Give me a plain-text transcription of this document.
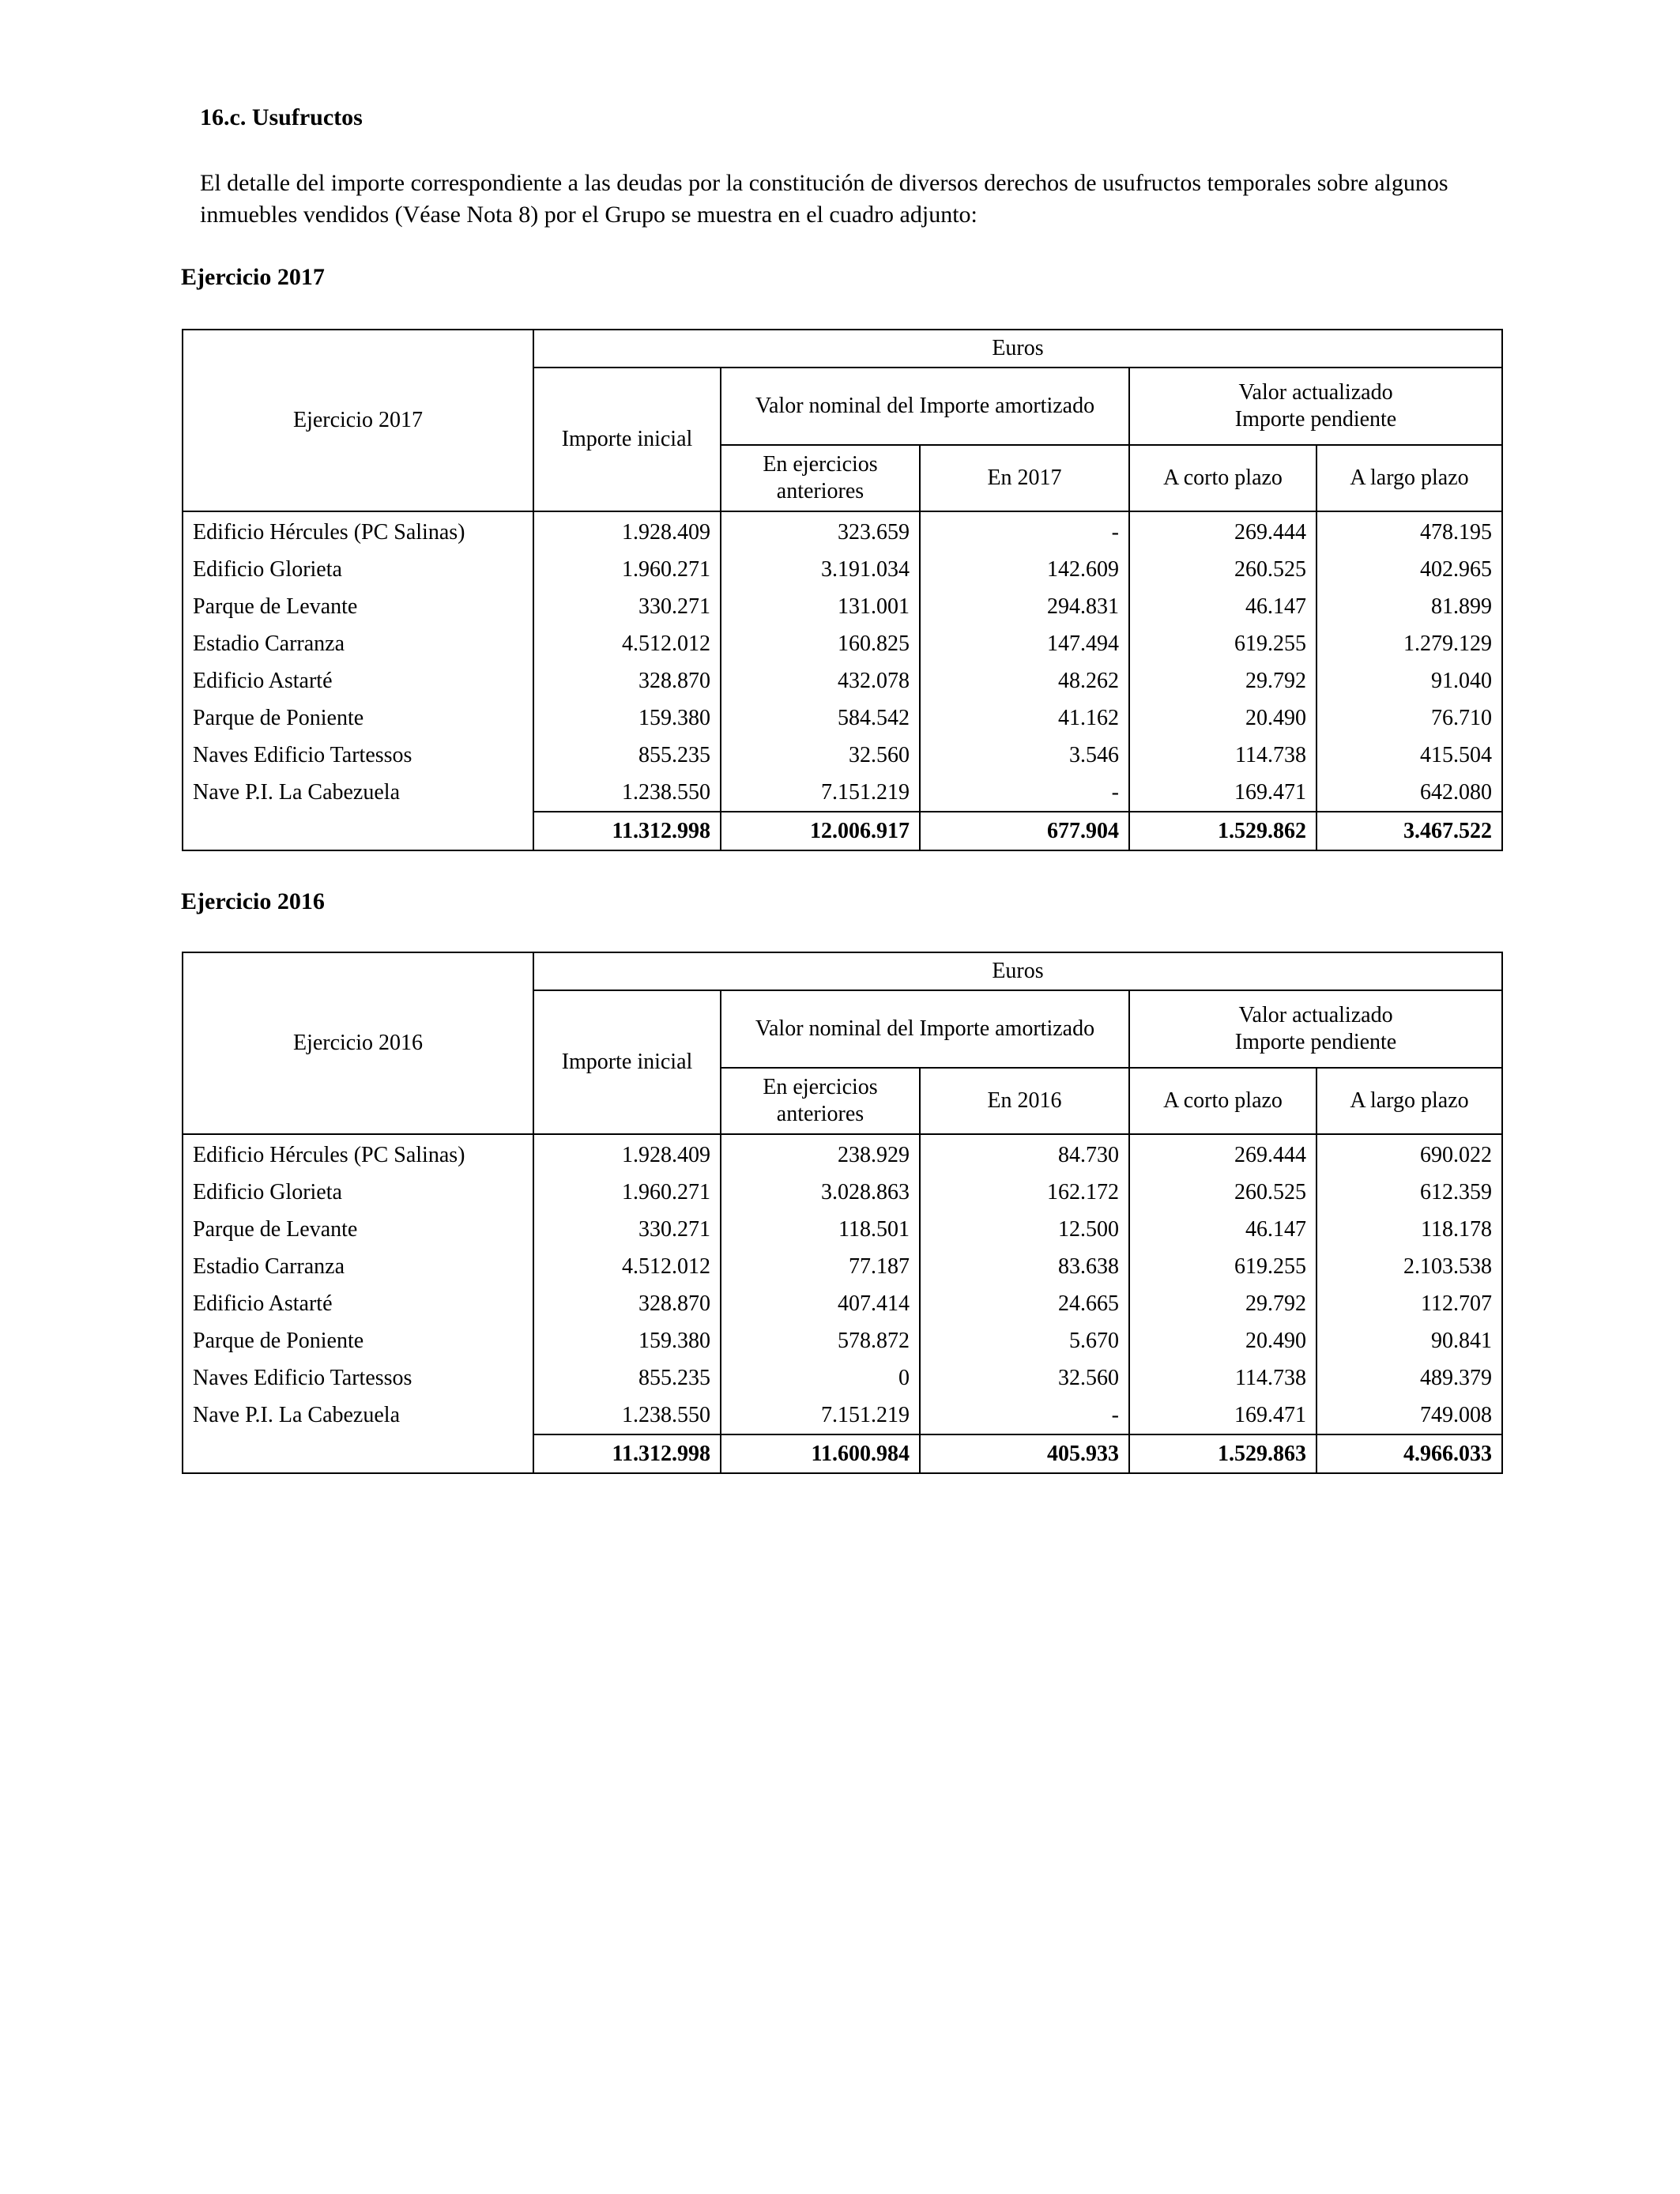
16.c. Usufructos
El detalle del importe correspondiente a las deudas por la constitución de diversos derechos de usufructos temporales sobre algunos inmuebles vendidos (Véase Nota 8) por el Grupo se muestra en el cuadro adjunto:
Ejercicio 2017
Ejercicio 2017	Euros				
	Importe inicial	Valor nominal del Importe amortizado		Valor actualizado
Importe pendiente	

		En ejercicios
anteriores	En 2017	A corto plazo	A largo plazo
Edificio Hércules (PC Salinas)	1.928.409	323.659	-	269.444	478.195
Edificio Glorieta	1.960.271	3.191.034	142.609	260.525	402.965
Parque de Levante	330.271	131.001	294.831	46.147	81.899
Estadio Carranza	4.512.012	160.825	147.494	619.255	1.279.129
Edificio Astarté	328.870	432.078	48.262	29.792	91.040
Parque de Poniente	159.380	584.542	41.162	20.490	76.710
Naves Edificio Tartessos	855.235	32.560	3.546	114.738	415.504
Nave P.I. La Cabezuela	1.238.550	7.151.219	-	169.471	642.080
	11.312.998	12.006.917	677.904	1.529.862	3.467.522
Ejercicio 2016
Ejercicio 2016	Euros				
	Importe inicial	Valor nominal del Importe amortizado		Valor actualizado
Importe pendiente	

		En ejercicios
anteriores	En 2016	A corto plazo	A largo plazo
Edificio Hércules (PC Salinas)	1.928.409	238.929	84.730	269.444	690.022
Edificio Glorieta	1.960.271	3.028.863	162.172	260.525	612.359
Parque de Levante	330.271	118.501	12.500	46.147	118.178
Estadio Carranza	4.512.012	77.187	83.638	619.255	2.103.538
Edificio Astarté	328.870	407.414	24.665	29.792	112.707
Parque de Poniente	159.380	578.872	5.670	20.490	90.841
Naves Edificio Tartessos	855.235	0	32.560	114.738	489.379
Nave P.I. La Cabezuela	1.238.550	7.151.219	-	169.471	749.008
	11.312.998	11.600.984	405.933	1.529.863	4.966.033
